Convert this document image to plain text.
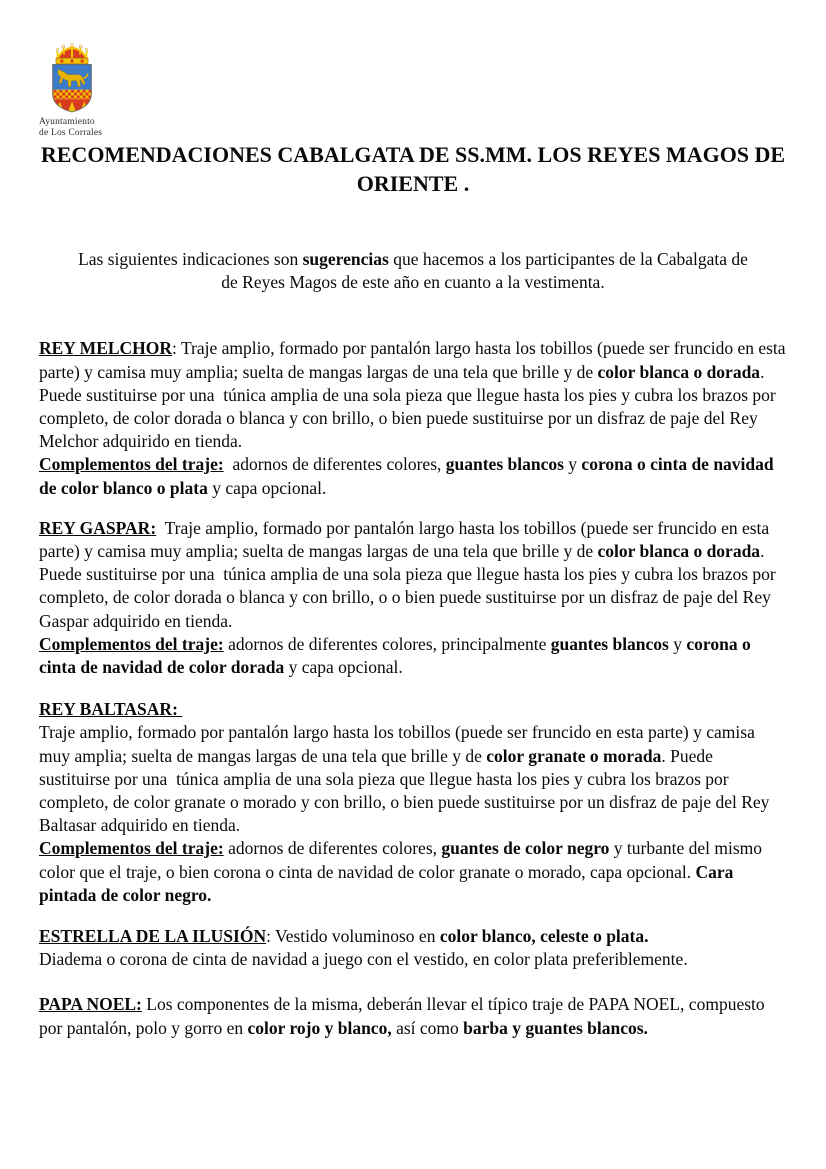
Ayuntamiento
de Los Corrales
RECOMENDACIONES CABALGATA DE SS.MM. LOS REYES MAGOS DE ORIENTE .

Las siguientes indicaciones son sugerencias que hacemos a los participantes de la Cabalgata de

de Reyes Magos de este año en cuanto a la vestimenta.

REY MELCHOR: Traje amplio, formado por pantalón largo hasta los tobillos (puede ser fruncido en esta parte) y camisa muy amplia; suelta de mangas largas de una tela que brille y de color blanca o dorada. Puede sustituirse por una  túnica amplia de una sola pieza que llegue hasta los pies y cubra los brazos por completo, de color dorada o blanca y con brillo, o bien puede sustituirse por un disfraz de paje del Rey Melchor adquirido en tienda.

Complementos del traje:  adornos de diferentes colores, guantes blancos y corona o cinta de navidad de color blanco o plata y capa opcional.

REY GASPAR:  Traje amplio, formado por pantalón largo hasta los tobillos (puede ser fruncido en esta parte) y camisa muy amplia; suelta de mangas largas de una tela que brille y de color blanca o dorada. Puede sustituirse por una  túnica amplia de una sola pieza que llegue hasta los pies y cubra los brazos por completo, de color dorada o blanca y con brillo, o o bien puede sustituirse por un disfraz de paje del Rey Gaspar adquirido en tienda.

Complementos del traje: adornos de diferentes colores, principalmente guantes blancos y corona o cinta de navidad de color dorada y capa opcional.

REY BALTASAR:

Traje amplio, formado por pantalón largo hasta los tobillos (puede ser fruncido en esta parte) y camisa muy amplia; suelta de mangas largas de una tela que brille y de color granate o morada. Puede sustituirse por una  túnica amplia de una sola pieza que llegue hasta los pies y cubra los brazos por completo, de color granate o morado y con brillo, o bien puede sustituirse por un disfraz de paje del Rey Baltasar adquirido en tienda.

Complementos del traje: adornos de diferentes colores, guantes de color negro y turbante del mismo color que el traje, o bien corona o cinta de navidad de color granate o morado, capa opcional. Cara pintada de color negro.

ESTRELLA DE LA ILUSIÓN: Vestido voluminoso en color blanco, celeste o plata.

Diadema o corona de cinta de navidad a juego con el vestido, en color plata preferiblemente.

PAPA NOEL: Los componentes de la misma, deberán llevar el típico traje de PAPA NOEL, compuesto por pantalón, polo y gorro en color rojo y blanco, así como barba y guantes blancos.
